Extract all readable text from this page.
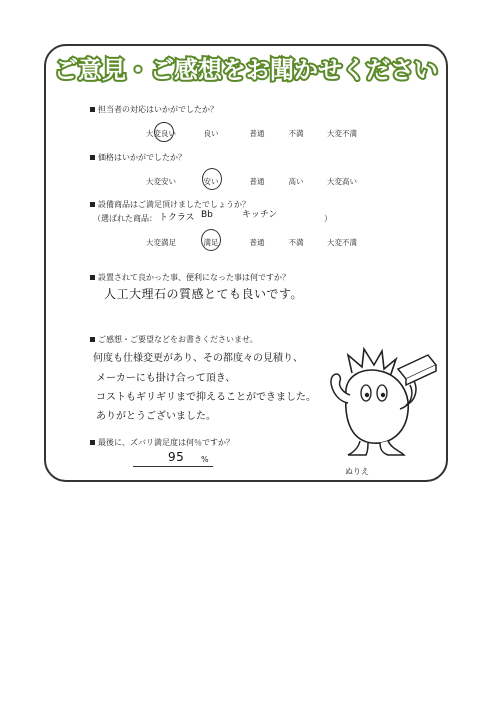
ご意見・ご感想をお聞かせください
担当者の対応はいかがでしたか？
大変良い	良い	普通	不満	大変不満
価格はいかがでしたか？
大変安い	安い	普通	高い	大変高い
設備商品はご満足頂けましたでしょうか？
（選ばれた商品： トクラス Bb	キッチン	）
大変満足	満足	普通	不満	大変不満
設置されて良かった事、便利になった事は何ですか？
人工大理石の質感とても良いです。
ご感想・ご要望などをお書きくださいませ。
何度も仕様変更があり、その都度々の見積り、
メーカーにも掛け合って頂き、
コストもギリギリまで抑えることができました。
ありがとうございました。
最後に、ズバリ満足度は何％ですか？
95 %
ぬりえ
